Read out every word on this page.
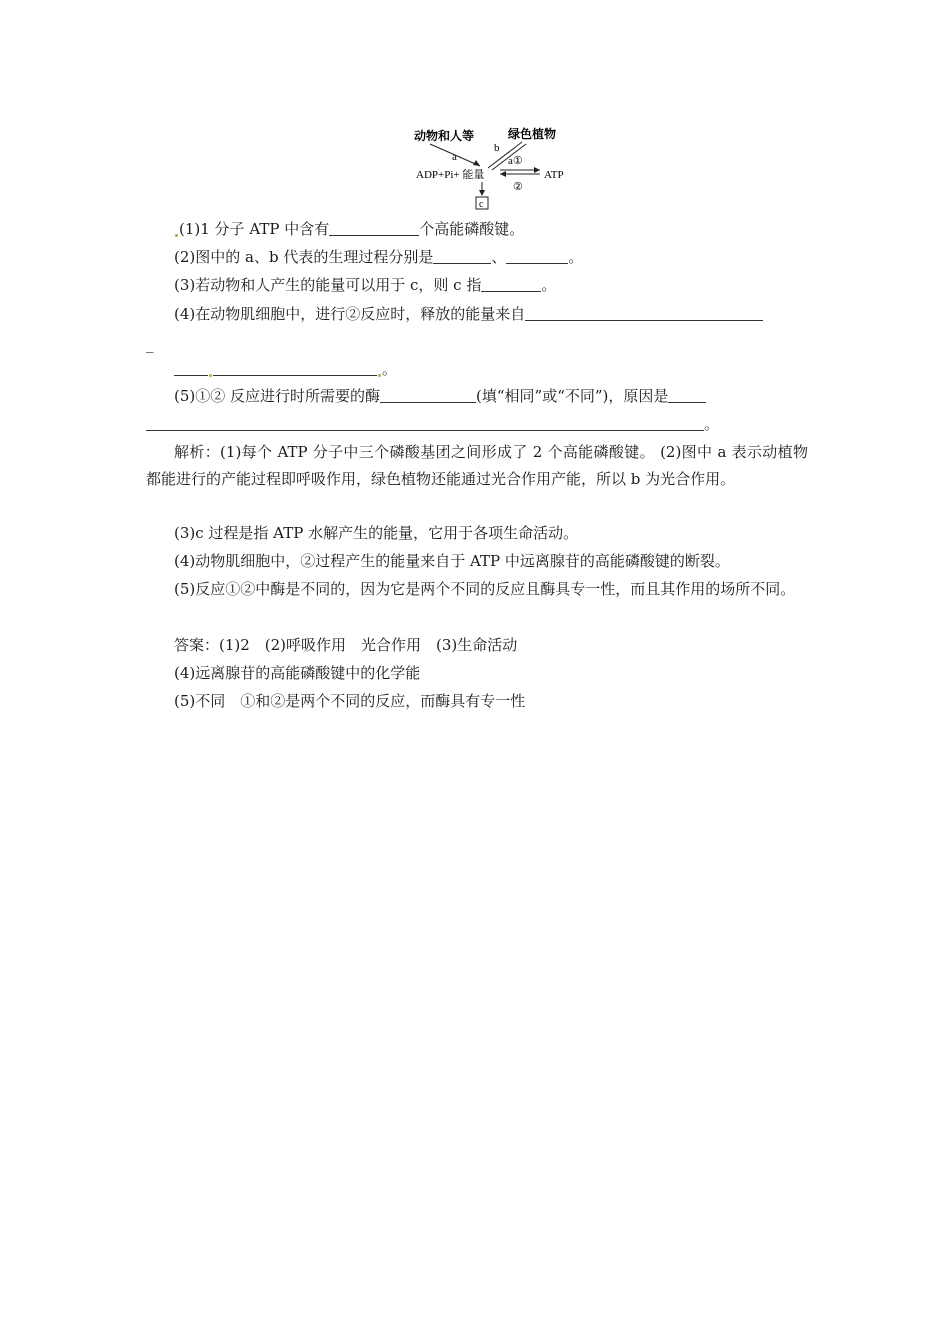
动物和人等	绿色植物
a
b
a①
ADP+Pi+ 能量	ATP
②
c
(1)1 分子 ATP 中含有	个高能磷酸键。
(2)图中的 a、b 代表的生理过程分别是	、	。
(3)若动物和人产生的能量可以用于 c，则 c 指	。
(4)在动物肌细胞中，进行②反应时，释放的能量来自
_
。
(5)①② 反应进行时所需要的酶	(填“相同”或“不同”)，原因是
。
解析：(1)每个 ATP 分子中三个磷酸基团之间形成了 2 个高能磷酸键。 (2)图中 a 表示动植物都能进行的产能过程即呼吸作用，绿色植物还能通过光合作用产能，所以 b 为光合作用。
(3)c 过程是指 ATP 水解产生的能量，它用于各项生命活动。
(4)动物肌细胞中，②过程产生的能量来自于 ATP 中远离腺苷的高能磷酸键的断裂。
(5)反应①②中酶是不同的，因为它是两个不同的反应且酶具专一性，而且其作用的场所不同。
答案：(1)2　(2)呼吸作用　光合作用　(3)生命活动
(4)远离腺苷的高能磷酸键中的化学能
(5)不同　①和②是两个不同的反应，而酶具有专一性
